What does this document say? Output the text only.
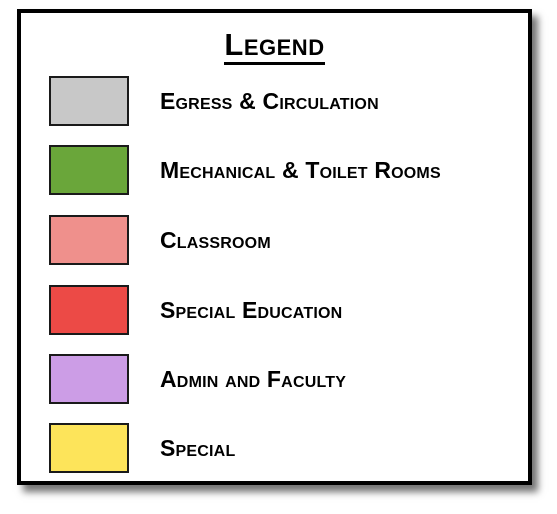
Legend
Egress & Circulation
Mechanical & Toilet Rooms
Classroom
Special Education
Admin and Faculty
Special
